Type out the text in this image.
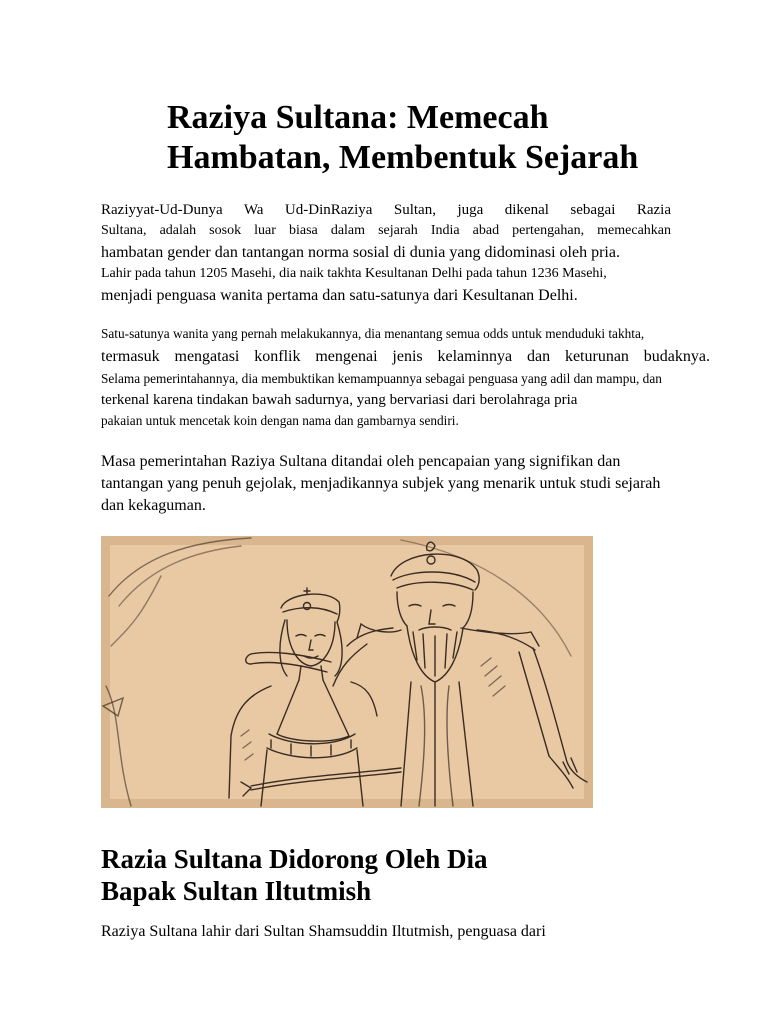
Raziya Sultana: Memecah
Hambatan, Membentuk Sejarah
Raziyyat-Ud-Dunya Wa Ud-DinRaziya Sultan, juga dikenal sebagai Razia
Sultana, adalah sosok luar biasa dalam sejarah India abad pertengahan, memecahkan
hambatan gender dan tantangan norma sosial di dunia yang didominasi oleh pria.
Lahir pada tahun 1205 Masehi, dia naik takhta Kesultanan Delhi pada tahun 1236 Masehi,
menjadi penguasa wanita pertama dan satu-satunya dari Kesultanan Delhi.
Satu-satunya wanita yang pernah melakukannya, dia menantang semua odds untuk menduduki takhta,
termasuk mengatasi konflik mengenai jenis kelaminnya dan keturunan budaknya.
Selama pemerintahannya, dia membuktikan kemampuannya sebagai penguasa yang adil dan mampu, dan
terkenal karena tindakan bawah sadurnya, yang bervariasi dari berolahraga pria
pakaian untuk mencetak koin dengan nama dan gambarnya sendiri.
Masa pemerintahan Raziya Sultana ditandai oleh pencapaian yang signifikan dan
tantangan yang penuh gejolak, menjadikannya subjek yang menarik untuk studi sejarah
dan kekaguman.
Razia Sultana Didorong Oleh Dia
Bapak Sultan Iltutmish
Raziya Sultana lahir dari Sultan Shamsuddin Iltutmish, penguasa dari
